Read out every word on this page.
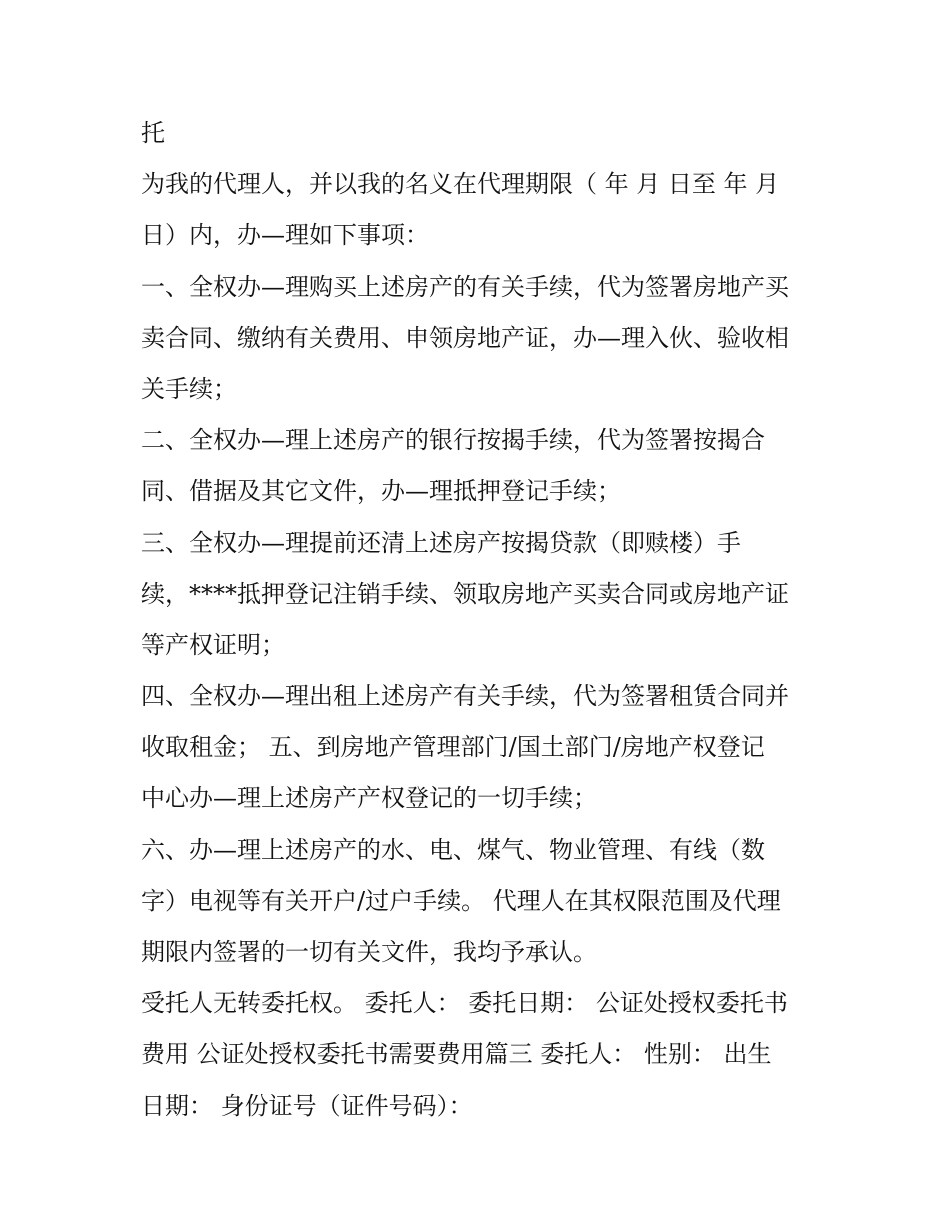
托
为我的代理人，并以我的名义在代理期限（ 年 月 日至 年 月
日）内，办—理如下事项：
一、全权办—理购买上述房产的有关手续，代为签署房地产买
卖合同、缴纳有关费用、申领房地产证，办—理入伙、验收相
关手续；
二、全权办—理上述房产的银行按揭手续，代为签署按揭合
同、借据及其它文件，办—理抵押登记手续；
三、全权办—理提前还清上述房产按揭贷款（即赎楼）手
续，****抵押登记注销手续、领取房地产买卖合同或房地产证
等产权证明；
四、全权办—理出租上述房产有关手续，代为签署租赁合同并
收取租金； 五、到房地产管理部门/国土部门/房地产权登记
中心办—理上述房产产权登记的一切手续；
六、办—理上述房产的水、电、煤气、物业管理、有线（数
字）电视等有关开户/过户手续。 代理人在其权限范围及代理
期限内签署的一切有关文件，我均予承认。
受托人无转委托权。 委托人： 委托日期： 公证处授权委托书
费用 公证处授权委托书需要费用篇三 委托人： 性别： 出生
日期： 身份证号（证件号码）：
